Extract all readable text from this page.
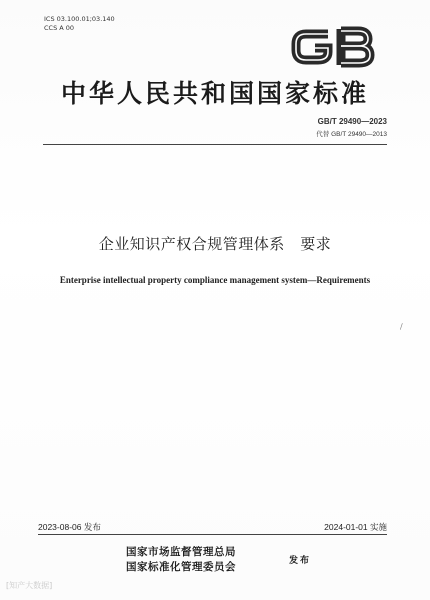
ICS 03.100.01;03.140
CCS A 00
中华人民共和国国家标准
GB/T 29490—2023
代替 GB/T 29490—2013
企业知识产权合规管理体系　要求
Enterprise intellectual property compliance management system—Requirements
\
2023-08-06 发布	2024-01-01 实施
国家市场监督管理总局
国家标准化管理委员会	发布
[知产大数据]
